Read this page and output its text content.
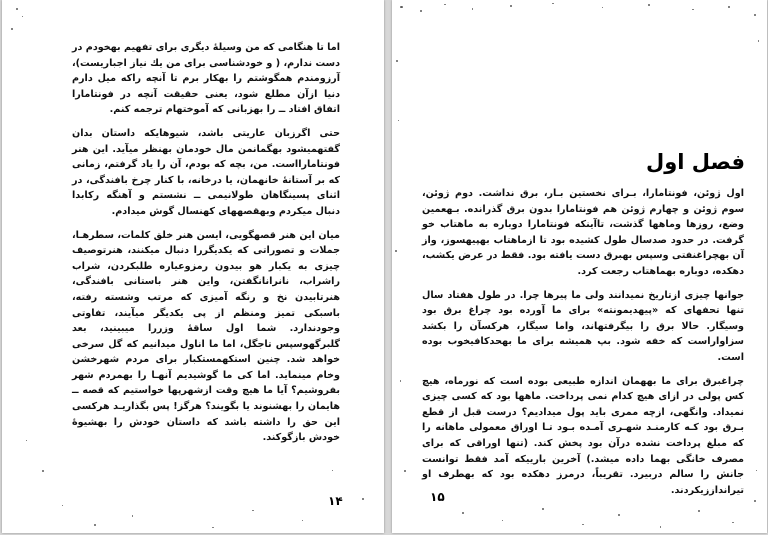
اما تا هنگامی که من وسیلهٔ دیگری برای تفهیم بهخودم در دست ندارم، ( و خودشناسی برای من یك نیاز اجباریست)، آرزومندم همگوشتم را بهکار برم تا آنچه راکه میل دارم دنیا ازآن مطلع شود، یعنی حقیقت آنچه در فونتامارا اتفاق افتاد ــ را بهزبانی که آموختهام ترجمه کنم.

حتی اگرزبان عاریتی باشد، شیوهایکه داستان بدان گفتهمیشود بهگمانمن مال خودمان بهنظر میآید. این هنر فونتامارااست. من، بچه که بودم، آن را یاد گرفتم، زمانی که بر آستانهٔ خانهمان، یا درخانه، با کنار چرخ بافندگی، در اثنای پسینگاهان طولانیمی ــ نشستم و آهنگه رکابدا دنبال میکردم وبهقصههای کهنسال گوش میدادم.

میان این هنر قصهگویی، ایسن هنر خلق کلمات، سطرهـا، جملات و تصوراتی که یکدیگررا دنبال میکنند، هنرتوصیف چیزی به یکبار هو بیدون رمزوعیاره طلبکردن، شراب راشراب، نانرانانگفتن، واین هنر باستانی بافندگی، هنرتابیدن نخ و رنگه آمیزی که مرتب وشسته رفته، باسبکی تمیز ومنظم از پی یکدیگر میآیند، تفاوتی وجودندارد. شما اول ساقهٔ وزررا میبینید، بعد گلبرگهوسپس تاجگل، اما ما اناول میدانیم که گل سرخی خواهد شد. چنین استکهمستکبار برای مردم شهرخشن وخام مینماید. اما کی ما گوشیدیم آنهـا را بهمردم شهر بفروشیم؟ آیا ما هیچ وقت ازشهرپها خواستیم که قصه ــ هایمان را بهشنوند یا بگویند؟ هرگز! پس بگذاریـد هرکسی این حق را داشته باشد که داستان خودش را بهشیوهٔ خودش بازگوکند.

۱۴
فصل اول

اول ژوئن، فونتامارا، بـرای نخستین بـار، برق نداشت. دوم ژوئن، سوم ژوئن و چهارم ژوئن هم فونتامارا بدون برق گذرانده. بـهعمین وضع، روزها وماهها گذشت، تاآینکه فونتامارا دوباره به ماهتاب خو گرفت. در حدود صدسال طول کشیده بود تا ازماهتاب بهپیهسوز، واز آن بهچراغنفتی وسپس بهبرق دست یافته بود. فقط در عرض یكشب، دهکده، دوباره بهماهتاب رجعت کرد.

جوانها چیزی ازتاریخ نمیدانند ولی ما پیرها چرا. در طول هفتاد سال تنها تحفهای که «پیهدیمونته» برای ما آورده بود چراغ برق بود وسیگار. حالا برق را بیگرفتهاند، واما سیگار، هرکسآن را بکشد سزاواراست که خفه شود. بپ همیشه برای ما بهحدکافیخوب بوده است.

چراغبرق برای ما بههمان اندازه طبیعی بوده است که نورماه، هیچ کس پولی در ازای هیچ کدام نمی پرداخت. ماهها بود که کسی چیزی نمیداد. وانگهی، ازچه ممری باید پول میدادیم؟ درست قبل از قطع بـرق بود کـه کارمنـد شهـری آمـده بـود تـا اوراق معمولی ماهانه را که مبلغ پرداخت نشده درآن بود پخش کند. (تنها اوراقی که برای مصرف خانگی بهما داده میشد.) آخرین بارییکه آمد فقط توانست جانش را سالم دربیرد. تقریباً، درمرز دهکده بود که بهطرف او تیرانداززیکردند.

۱۵
